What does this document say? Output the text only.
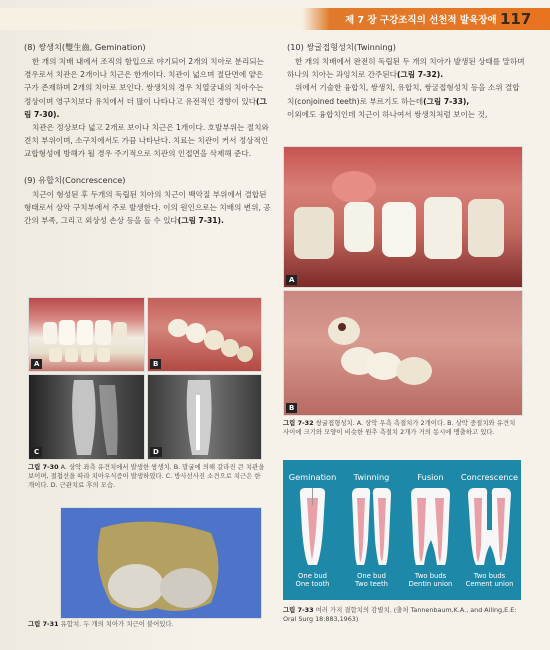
제 7 장 구강조직의 선천적 발육장애 117

(8) 쌍생치(雙生齒, Gemination)

한 개의 치배 내에서 조직의 함입으로 야기되어 2개의 치아로 분리되는 경우로서 치관은 2개이나 치근은 한개이다. 치관이 넓으며 절단면에 얕은 구가 존재하며 2개의 치아로 보인다. 쌍생치의 경우 치열궁내의 치아수는 정상이며 영구치보다 유치에서 더 많이 나타나고 유전적인 경향이 있다(그림 7-30).

치관은 정상보다 넓고 2개로 보이나 치근은 1개이다. 호발부위는 절치와 견치 부위이며, 소구치에서도 가끔 나타난다. 치료는 치관이 커서 정상적인 교합형성에 방해가 될 경우 주기적으로 치관의 인접면을 삭제해 준다.

(9) 유합치(Concrescence)

치근이 형성된 후 두개의 독립된 치아의 치근이 백악질 부위에서 결합된 형태로서 상악 구치부에서 주로 발생한다. 이의 원인으로는 치배의 변위, 공간의 부족, 그리고 외상성 손상 등을 들 수 있다(그림 7-31).

A	B
C	D
그림 7-30 A. 상악 좌측 유견치에서 발생한 쌍생치. B. 말굴에 의해 갈라진 큰 치관을 보이며, 절첩선을 따라 치아우식증이 발생하였다. C. 방사선사진 소견으로 치근은 한 개이다. D. 근관치료 후의 모습.
그림 7-31 유합치. 두 개의 치아가 치근이 붙어있다.

(10) 쌍굴접형성치(Twinning)

한 개의 치배에서 완전히 독립된 두 개의 치아가 발생된 상태를 말하며 하나의 치아는 과잉치로 간주된다(그림 7-32).

위에서 기술한 융합치, 쌍생치, 유합치, 쌍굴접형성치 등을 소위 결합치(conjoined teeth)로 부르기도 하는데(그림 7-33),

이외에도 융합치인데 치근이 하나여서 쌍생치처럼 보이는 것,

A
B
그림 7-32 쌍굴접형성치. A. 상악 우측 측절치가 2개이다. B. 상악 중절치와 유견치 사이에 크기와 모양이 비슷한 원추 측절치 2개가 거의 동시에 맹출하고 있다.
Gemination
One bud
One tooth
Twinning
One bud
Two teeth
Fusion
Two buds
Dentin union
Concrescence
Two buds
Cement union
그림 7-33 여러 가지 결합치의 감별치. (출처 Tannenbaum,K.A., and Alling,E.E: Oral Surg 18:883,1963)
